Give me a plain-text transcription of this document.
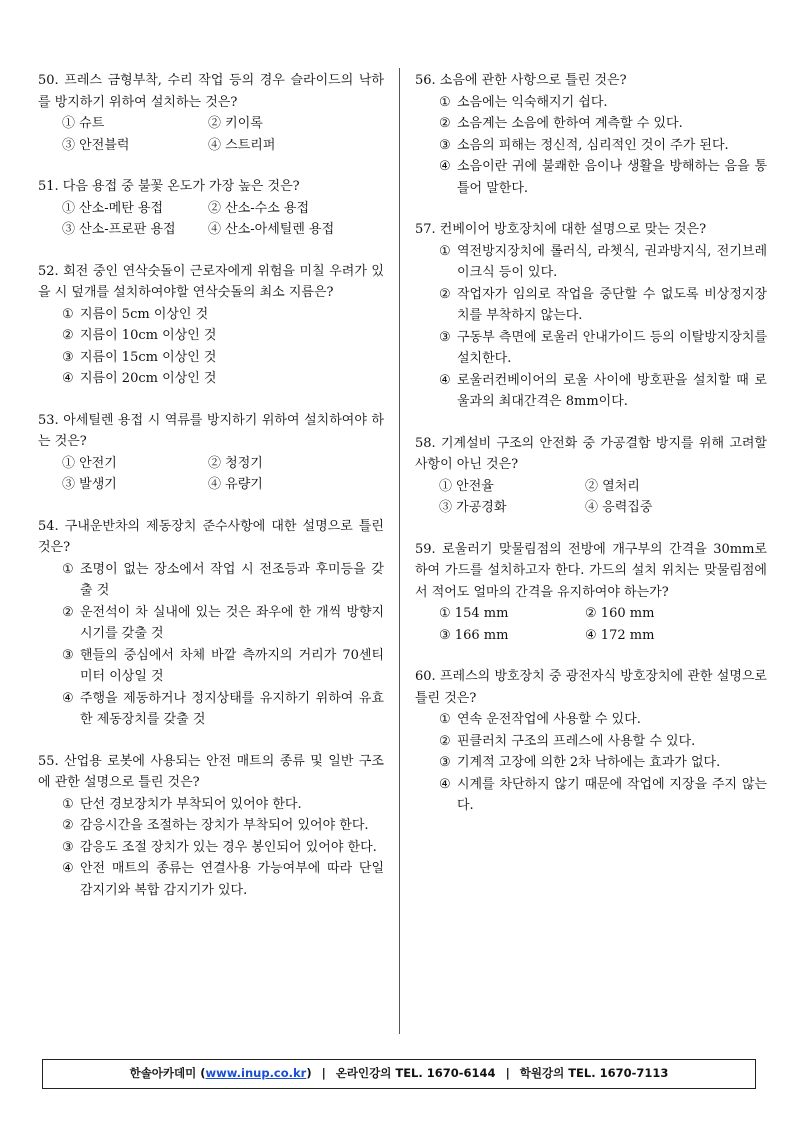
50. 프레스 금형부착, 수리 작업 등의 경우 슬라이드의 낙하를 방지하기 위하여 설치하는 것은?
① 슈트	② 키이록
③ 안전블럭	④ 스트리퍼
51. 다음 용접 중 불꽃 온도가 가장 높은 것은?
① 산소-메탄 용접	② 산소-수소 용접
③ 산소-프로판 용접	④ 산소-아세틸렌 용접
52. 회전 중인 연삭숫돌이 근로자에게 위험을 미칠 우려가 있을 시 덮개를 설치하여야할 연삭숫돌의 최소 지름은?
① 지름이 5cm 이상인 것
② 지름이 10cm 이상인 것
③ 지름이 15cm 이상인 것
④ 지름이 20cm 이상인 것
53. 아세틸렌 용접 시 역류를 방지하기 위하여 설치하여야 하는 것은?
① 안전기	② 청정기
③ 발생기	④ 유량기
54. 구내운반차의 제동장치 준수사항에 대한 설명으로 틀린 것은?
① 조명이 없는 장소에서 작업 시 전조등과 후미등을 갖출 것
② 운전석이 차 실내에 있는 것은 좌우에 한 개씩 방향지시기를 갖출 것
③ 핸들의 중심에서 차체 바깥 측까지의 거리가 70센티미터 이상일 것
④ 주행을 제동하거나 정지상태를 유지하기 위하여 유효한 제동장치를 갖출 것
55. 산업용 로봇에 사용되는 안전 매트의 종류 및 일반 구조에 관한 설명으로 틀린 것은?
① 단선 경보장치가 부착되어 있어야 한다.
② 감응시간을 조절하는 장치가 부착되어 있어야 한다.
③ 감응도 조절 장치가 있는 경우 봉인되어 있어야 한다.
④ 안전 매트의 종류는 연결사용 가능여부에 따라 단일 감지기와 복합 감지기가 있다.
56. 소음에 관한 사항으로 틀린 것은?
① 소음에는 익숙해지기 쉽다.
② 소음계는 소음에 한하여 계측할 수 있다.
③ 소음의 피해는 정신적, 심리적인 것이 주가 된다.
④ 소음이란 귀에 불쾌한 음이나 생활을 방해하는 음을 통틀어 말한다.
57. 컨베이어 방호장치에 대한 설명으로 맞는 것은?
① 역전방지장치에 롤러식, 라쳇식, 권과방지식, 전기브레이크식 등이 있다.
② 작업자가 임의로 작업을 중단할 수 없도록 비상정지장치를 부착하지 않는다.
③ 구동부 측면에 로울러 안내가이드 등의 이탈방지장치를 설치한다.
④ 로울러컨베이어의 로울 사이에 방호판을 설치할 때 로울과의 최대간격은 8mm이다.
58. 기계설비 구조의 안전화 중 가공결함 방지를 위해 고려할 사항이 아닌 것은?
① 안전율	② 열처리
③ 가공경화	④ 응력집중
59. 로울러기 맞물림점의 전방에 개구부의 간격을 30mm로 하여 가드를 설치하고자 한다. 가드의 설치 위치는 맞물림점에서 적어도 얼마의 간격을 유지하여야 하는가?
① 154 mm	② 160 mm
③ 166 mm	④ 172 mm
60. 프레스의 방호장치 중 광전자식 방호장치에 관한 설명으로 틀린 것은?
① 연속 운전작업에 사용할 수 있다.
② 핀클러치 구조의 프레스에 사용할 수 있다.
③ 기계적 고장에 의한 2차 낙하에는 효과가 없다.
④ 시계를 차단하지 않기 때문에 작업에 지장을 주지 않는다.
한솔아카데미 ( www.inup.co.kr ) | 온라인강의 TEL. 1670-6144 | 학원강의 TEL. 1670-7113
